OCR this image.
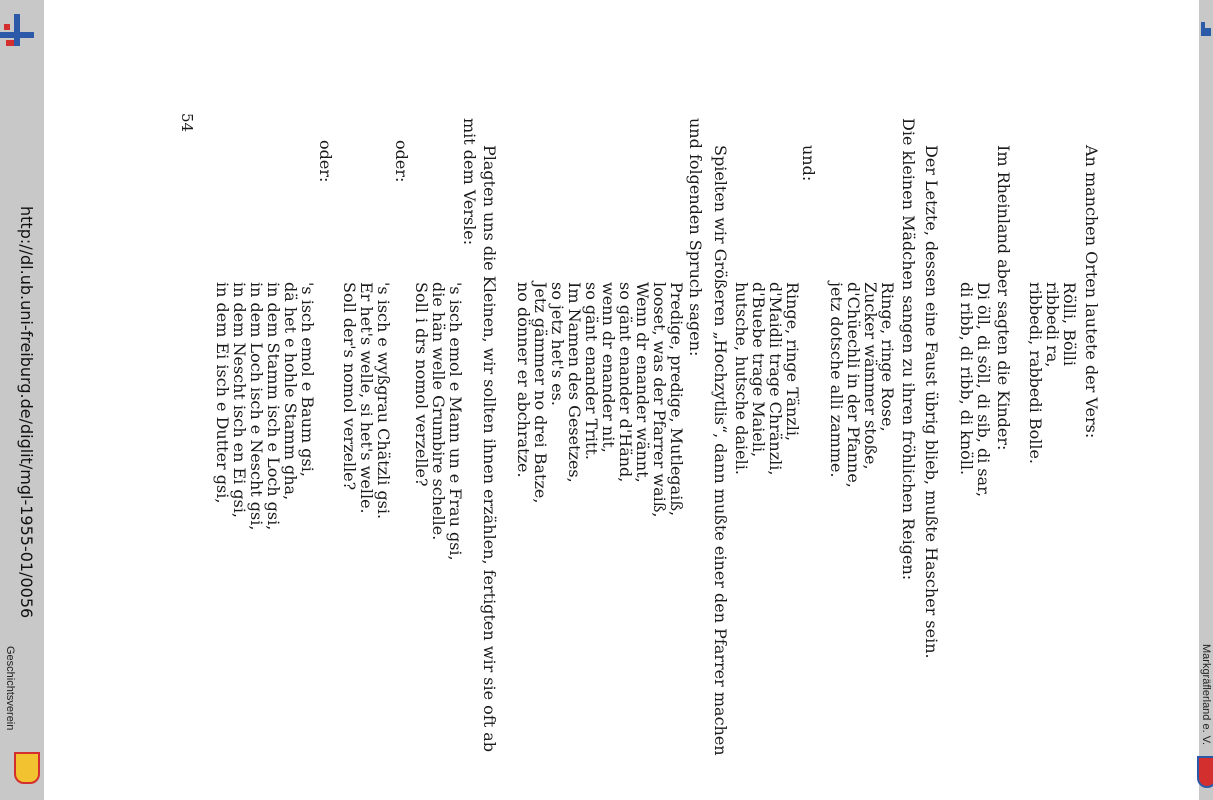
An manchen Orten lautete der Vers:
Rölli, Bölli
ribbedi ra,
ribbedi, rabbedi Bolle.
Im Rheinland aber sagten die Kinder:
Di öll, di söll, di sib, di sar,
di ribb, di ribb, di knöll.
Der Letzte, dessen eine Faust übrig blieb, mußte Hascher sein.
Die kleinen Mädchen sangen zu ihren fröhlichen Reigen:
Ringe, ringe Rose,
Zucker wämmer stoße,
d'Chüechli in der Pfanne,
jetz dotsche alli zamme.
und:
Ringe, ringe Tänzli,
d'Maidli trage Chränzli,
d'Buebe trage Maieli,
hutsche, hutsche daieli.
Spielten wir Größeren „Hochzytlis“, dann mußte einer den Pfarrer machen
und folgenden Spruch sagen:
Predige, predige, Mutlegaiß,
looset, was der Pfarrer waiß,
Wenn dr enander wännt,
so gänt enander d'Händ,
wenn dr enander nit,
so gänt enander Tritt.
Im Namen des Gesetzes,
so jetz het's es.
Jetz gämmer no drei Batze,
no dönner er abchratze.
Plagten uns die Kleinen, wir sollten ihnen erzählen, fertigten wir sie oft ab
mit dem Versle:
's isch emol e Mann un e Frau gsi,
die hän welle Grumbire schelle.
Soll i drs nomol verzelle?
oder:
's isch e wyßgrau Chätzli gsi.
Er het's welle, si het's welle.
Soll der's nomol verzelle?
oder:
's isch emol e Baum gsi,
dä het e hohle Stamm gha,
in dem Stamm isch e Loch gsi,
in dem Loch isch e Nescht gsi,
in dem Nescht isch en Ei gsi,
in dem Ei isch e Dutter gsi,
http://dl.ub.uni-freiburg.de/diglit/mgl-1955-01/0056
Geschichtsverein	Markgräflerland e. V.
54
